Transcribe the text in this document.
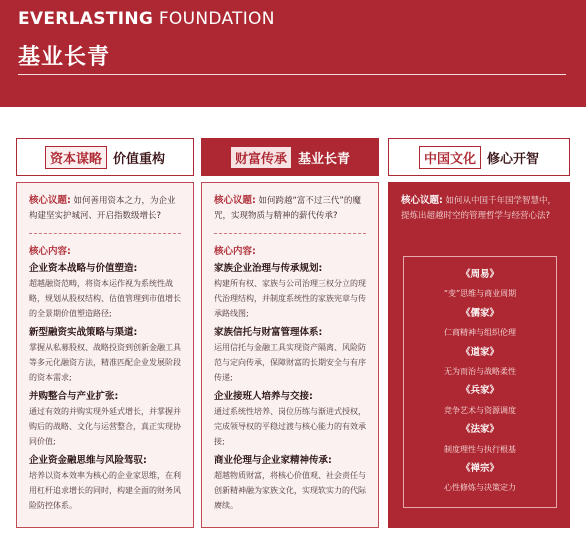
EVERLASTING FOUNDATION
基业长青
资本谋略 价值重构
核心议题: 如何善用资本之力，为企业构建坚实护城河、开启指数级增长?
核心内容:
企业资本战略与价值塑造:
超越融资范畴，将资本运作视为系统性战略，规划从股权结构、估值管理到市值增长的全景期价值塑造路径;
新型融资实战策略与渠道:
掌握从私募股权、战略投资到创新金融工具等多元化融资方法，精准匹配企业发展阶段的资本需求;
并购整合与产业扩张:
通过有效的并购实现外延式增长，并掌握并购后的战略、文化与运营整合，真正实现协同价值;
企业资金融思维与风险驾驭:
培养以资本效率为核心的企业家思维，在利用杠杆追求增长的同时，构建全面的财务风险防控体系。
财富传承 基业长青
核心议题: 如何跨越“富不过三代”的魔咒，实现物质与精神的薪代传承?
核心内容:
家族企业治理与传承规划:
构建所有权、家族与公司治理三权分立的现代治理结构，并制度系统性的家族宪章与传承路线图;
家族信托与财富管理体系:
运用信托与金融工具实现资产隔离、风险防范与定向传承，保障财富的长期安全与有序传递;
企业接班人培养与交接:
通过系统性培养、岗位历练与渐进式授权，完成领导权的平稳过渡与核心能力的有效承接;
商业伦理与企业家精神传承:
超越物质财富，将核心价值观、社会责任与创新精神融为家族文化，实现软实力的代际赓续。
中国文化 修心开智
核心议题: 如何从中国千年国学智慧中，提炼出超越时空的管理哲学与经营心法?
《周易》
“变”思维与商业周期
《儒家》
仁商精神与组织伦理
《道家》
无为而治与战略柔性
《兵家》
竞争艺术与资源调度
《法家》
制度理性与执行根基
《禅宗》
心性修炼与决策定力
